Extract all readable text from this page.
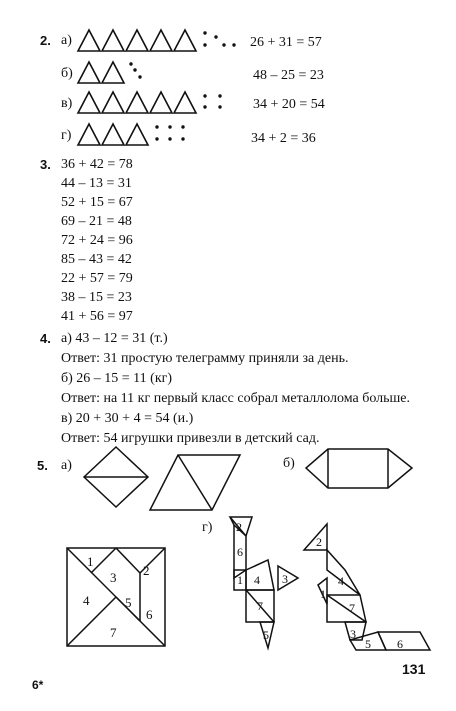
2. а)
б)
в)
г)
26 + 31 = 57
48 – 25 = 23
34 + 20 = 54
34 + 2 = 36
3. 36 + 42 = 78
44 – 13 = 31
52 + 15 = 67
69 – 21 = 48
72 + 24 = 96
85 – 43 = 42
22 + 57 = 79
38 – 15 = 23
41 + 56 = 97
4. а) 43 – 12 = 31 (т.)
Ответ: 31 простую телеграмму приняли за день.
б) 26 – 15 = 11 (кг)
Ответ: на 11 кг первый класс собрал металлолома больше.
в) 20 + 30 + 4 = 54 (и.)
Ответ: 54 игрушки привезли в детский сад.
5. а)	б)
г)
1
2
3
4	5
6
7
2
6
1 4 3
7
5
2
4
1
7
3
5 6
6*
131
